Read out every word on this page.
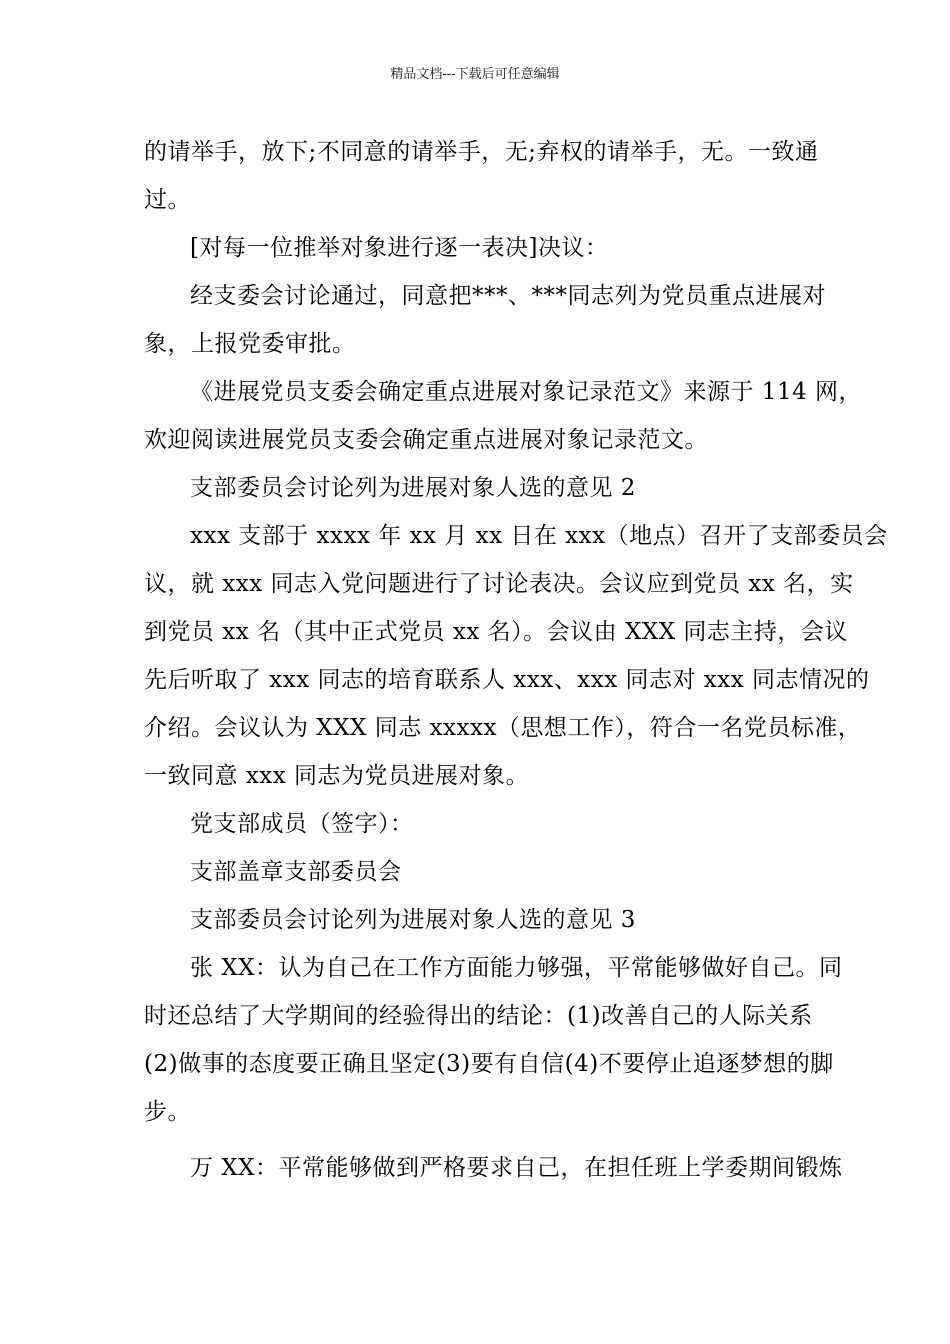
精品文档---下载后可任意编辑
的请举手，放下;不同意的请举手，无;弃权的请举手，无。一致通
过。
[对每一位推举对象进行逐一表决]决议：
经支委会讨论通过，同意把***、***同志列为党员重点进展对
象，上报党委审批。
《进展党员支委会确定重点进展对象记录范文》来源于 114 网，
欢迎阅读进展党员支委会确定重点进展对象记录范文。
支部委员会讨论列为进展对象人选的意见 2
xxx 支部于 xxxx 年 xx 月 xx 日在 xxx（地点）召开了支部委员会
议，就 xxx 同志入党问题进行了讨论表决。会议应到党员 xx 名，实
到党员 xx 名（其中正式党员 xx 名）。会议由 XXX 同志主持，会议
先后听取了 xxx 同志的培育联系人 xxx、xxx 同志对 xxx 同志情况的
介绍。会议认为 XXX 同志 xxxxx（思想工作），符合一名党员标准，
一致同意 xxx 同志为党员进展对象。
党支部成员（签字）：
支部盖章支部委员会
支部委员会讨论列为进展对象人选的意见 3
张 XX：认为自己在工作方面能力够强，平常能够做好自己。同
时还总结了大学期间的经验得出的结论：(1)改善自己的人际关系
(2)做事的态度要正确且坚定(3)要有自信(4)不要停止追逐梦想的脚
步。
万 XX：平常能够做到严格要求自己，在担任班上学委期间锻炼
